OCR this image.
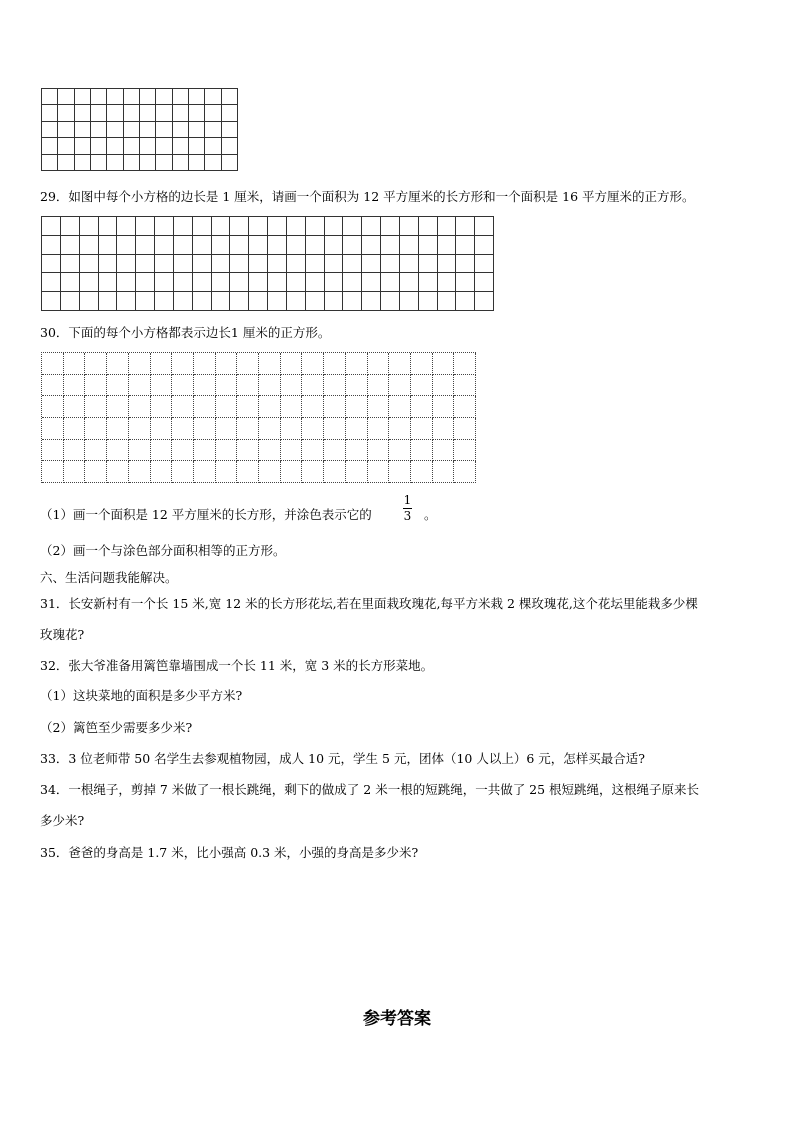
29．如图中每个小方格的边长是 1 厘米，请画一个面积为 12 平方厘米的长方形和一个面积是 16 平方厘米的正方形。
30．下面的每个小方格都表示边长1 厘米的正方形。
（1）画一个面积是 12 平方厘米的长方形，并涂色表示它的
1
3 。
（2）画一个与涂色部分面积相等的正方形。
六、生活问题我能解决。
31．长安新村有一个长 15 米,宽 12 米的长方形花坛,若在里面栽玫瑰花,每平方米栽 2 棵玫瑰花,这个花坛里能栽多少棵
玫瑰花?
32．张大爷准备用篱笆靠墙围成一个长 11 米，宽 3 米的长方形菜地。
（1）这块菜地的面积是多少平方米?
（2）篱笆至少需要多少米?
33．3 位老师带 50 名学生去参观植物园，成人 10 元，学生 5 元，团体（10 人以上）6 元，怎样买最合适?
34．一根绳子，剪掉 7 米做了一根长跳绳，剩下的做成了 2 米一根的短跳绳，一共做了 25 根短跳绳，这根绳子原来长
多少米?
35．爸爸的身高是 1.7 米，比小强高 0.3 米，小强的身高是多少米?
参考答案
